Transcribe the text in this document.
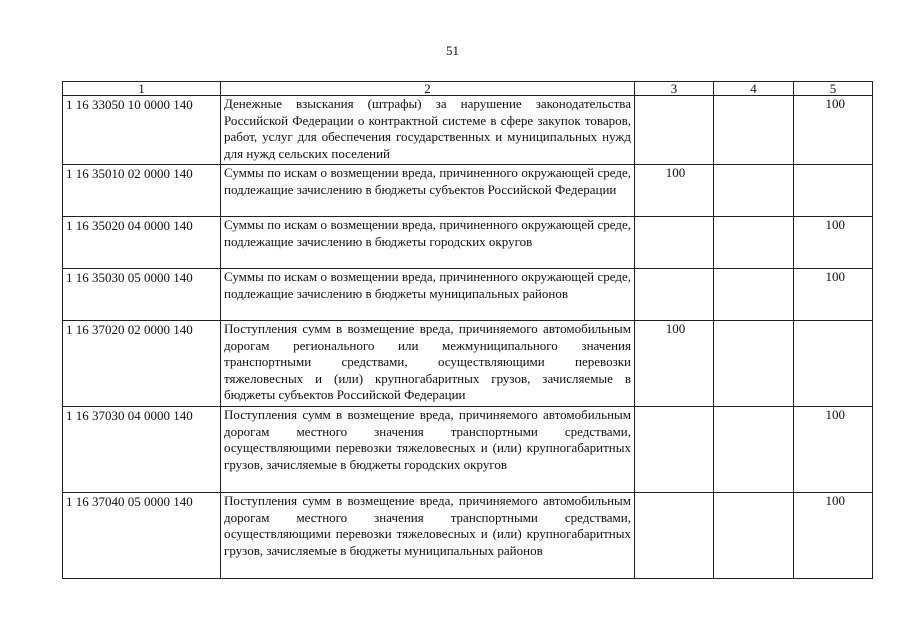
51
1	2	3	4	5
1 16 33050 10 0000 140	Денежные взыскания (штрафы) за нарушение законодательства Российской Федерации о контрактной системе в сфере закупок товаров, работ, услуг для обеспечения государственных и муниципальных нужд для нужд сельских поселений			100
1 16 35010 02 0000 140	Суммы по искам о возмещении вреда, причиненного окружающей среде, подлежащие зачислению в бюджеты субъектов Российской Федерации	100		
1 16 35020 04 0000 140	Суммы по искам о возмещении вреда, причиненного окружающей среде, подлежащие зачислению в бюджеты городских округов			100
1 16 35030 05 0000 140	Суммы по искам о возмещении вреда, причиненного окружающей среде, подлежащие зачислению в бюджеты муниципальных районов			100
1 16 37020 02 0000 140	Поступления сумм в возмещение вреда, причиняемого автомобильным дорогам регионального или межмуниципального значения транспортными средствами, осуществляющими перевозки тяжеловесных и (или) крупногабаритных грузов, зачисляемые в бюджеты субъектов Российской Федерации	100		
1 16 37030 04 0000 140	Поступления сумм в возмещение вреда, причиняемого автомобильным дорогам местного значения транспортными средствами, осуществляющими перевозки тяжеловесных и (или) крупногабаритных грузов, зачисляемые в бюджеты городских округов			100
1 16 37040 05 0000 140	Поступления сумм в возмещение вреда, причиняемого автомобильным дорогам местного значения транспортными средствами, осуществляющими перевозки тяжеловесных и (или) крупногабаритных грузов, зачисляемые в бюджеты муниципальных районов			100
